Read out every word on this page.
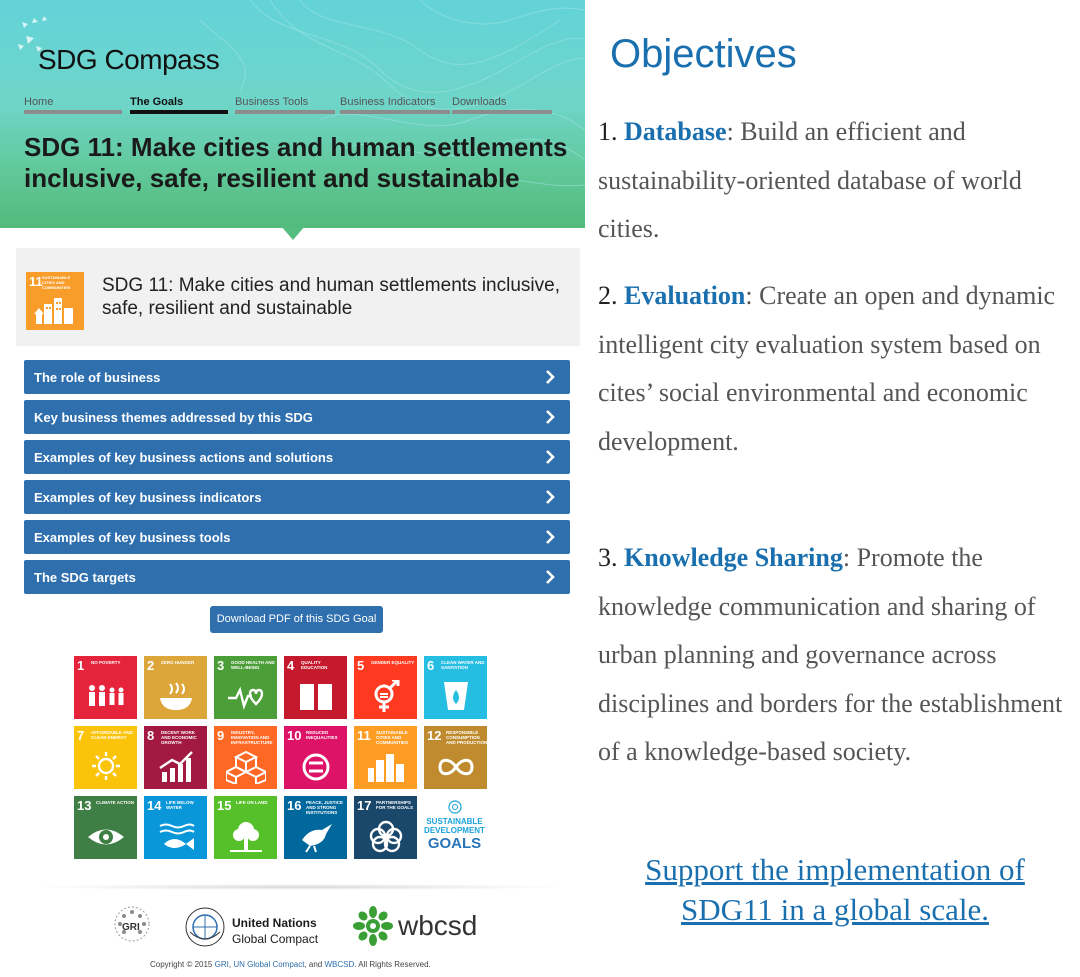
SDG Compass
Home	The Goals	Business Tools	Business Indicators Downloads
SDG 11: Make cities and human settlements inclusive, safe, resilient and sustainable
11 SUSTAINABLE CITIES AND COMMUNITIES	SDG 11: Make cities and human settlements inclusive, safe, resilient and sustainable
The role of business
Key business themes addressed by this SDG
Examples of key business actions and solutions
Examples of key business indicators
Examples of key business tools
The SDG targets
Download PDF of this SDG Goal
SUSTAINABLE
DEVELOPMENT
GOALS
1 NO POVERTY	2 ZERO HUNGER	3 GOOD HEALTH AND WELL-BEING	4 QUALITY EDUCATION	5 GENDER EQUALITY 6 CLEAN WATER AND SANITATION
7 AFFORDABLE AND CLEAN ENERGY	8 DECENT WORK AND ECONOMIC GROWTH	9 INDUSTRY, INNOVATION AND INFRASTRUCTURE 10 REDUCED INEQUALITIES	11 SUSTAINABLE CITIES AND COMMUNITIES	12 RESPONSIBLE CONSUMPTION AND PRODUCTION
13 CLIMATE ACTION	14 LIFE BELOW WATER	15 LIFE ON LAND	16 PEACE, JUSTICE AND STRONG INSTITUTIONS	17 PARTNERSHIPS FOR THE GOALS
GRI	United Nations
Global Compact	wbcsd
Copyright © 2015 GRI, UN Global Compact, and WBCSD. All Rights Reserved.
Objectives
1. Database: Build an efficient and sustainability-oriented database of world cities.
2. Evaluation: Create an open and dynamic intelligent city evaluation system based on cites’ social environmental and economic development.
3. Knowledge Sharing: Promote the knowledge communication and sharing of urban planning and governance across disciplines and borders for the establishment of a knowledge-based society.
Support the implementation of SDG11 in a global scale.
